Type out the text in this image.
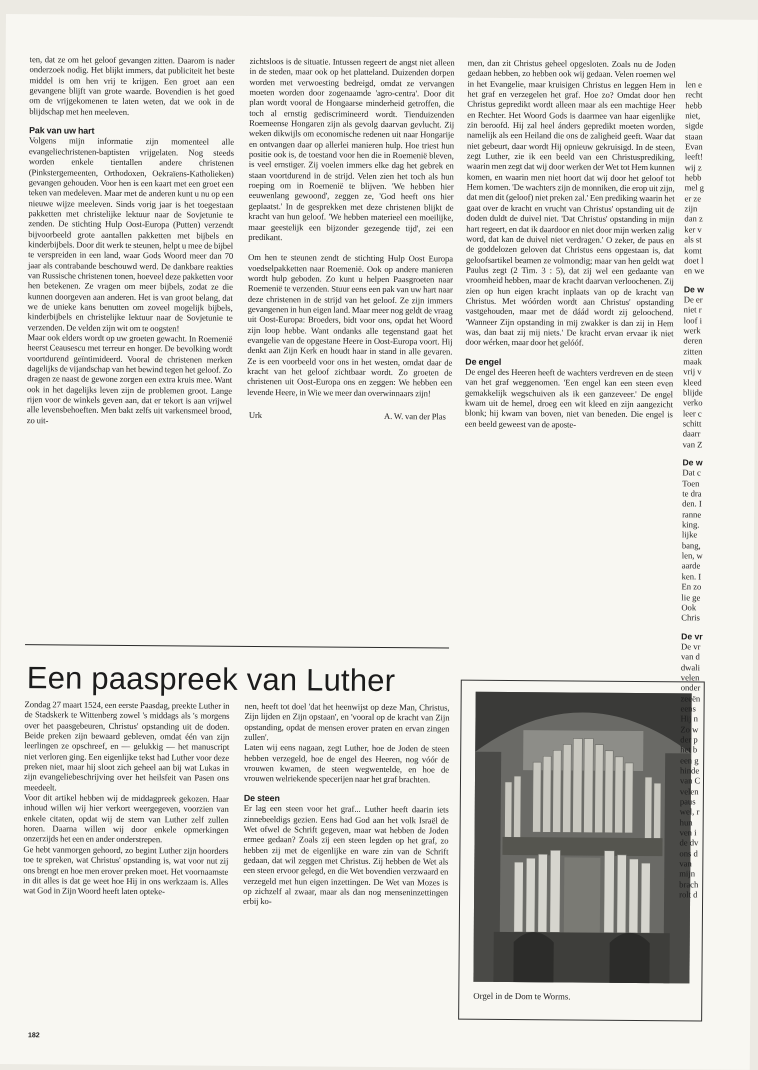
ten, dat ze om het geloof gevangen zitten. Daarom is nader onderzoek nodig. Het blijkt immers, dat publiciteit het beste middel is om hen vrij te krijgen. Een groet aan een gevangene blijft van grote waarde. Bovendien is het goed om de vrijgekomenen te laten weten, dat we ook in de blijdschap met hen meeleven.

Pak van uw hart

Volgens mijn informatie zijn momenteel alle evangeliechristenen-baptisten vrijgelaten. Nog steeds worden enkele tientallen andere christenen (Pinkstergemeenten, Orthodoxen, Oekraïens-Katholieken) gevangen gehouden. Voor hen is een kaart met een groet een teken van medeleven. Maar met de anderen kunt u nu op een nieuwe wijze meeleven. Sinds vorig jaar is het toegestaan pakketten met christelijke lektuur naar de Sovjetunie te zenden. De stichting Hulp Oost-Europa (Putten) verzendt bijvoorbeeld grote aantallen pakketten met bijbels en kinderbijbels. Door dit werk te steunen, helpt u mee de bijbel te verspreiden in een land, waar Gods Woord meer dan 70 jaar als contrabande beschouwd werd. De dankbare reakties van Russische christenen tonen, hoeveel deze pakketten voor hen betekenen. Ze vragen om meer bijbels, zodat ze die kunnen doorgeven aan anderen. Het is van groot belang, dat we de unieke kans benutten om zoveel mogelijk bijbels, kinderbijbels en christelijke lektuur naar de Sovjetunie te verzenden. De velden zijn wit om te oogsten!

Maar ook elders wordt op uw groeten gewacht. In Roemenië heerst Ceausescu met terreur en honger. De bevolking wordt voortdurend geïntimideerd. Vooral de christenen merken dagelijks de vijandschap van het bewind tegen het geloof. Zo dragen ze naast de gewone zorgen een extra kruis mee. Want ook in het dagelijks leven zijn de problemen groot. Lange rijen voor de winkels geven aan, dat er tekort is aan vrijwel alle levensbehoeften. Men bakt zelfs uit varkensmeel brood, zo uit-

zichtsloos is de situatie. Intussen regeert de angst niet alleen in de steden, maar ook op het platteland. Duizenden dorpen worden met verwoesting bedreigd, omdat ze vervangen moeten worden door zogenaamde 'agro-centra'. Door dit plan wordt vooral de Hongaarse minderheid getroffen, die toch al ernstig gediscrimineerd wordt. Tienduizenden Roemeense Hongaren zijn als gevolg daarvan gevlucht. Zij weken dikwijls om economische redenen uit naar Hongarije en ontvangen daar op allerlei manieren hulp. Hoe triest hun positie ook is, de toestand voor hen die in Roemenië bleven, is veel ernstiger. Zij voelen immers elke dag het gebrek en staan voortdurend in de strijd. Velen zien het toch als hun roeping om in Roemenië te blijven. 'We hebben hier eeuwenlang gewoond', zeggen ze, 'God heeft ons hier geplaatst.' In de gesprekken met deze christenen blijkt de kracht van hun geloof. 'We hebben materieel een moeilijke, maar geestelijk een bijzonder gezegende tijd', zei een predikant.

Om hen te steunen zendt de stichting Hulp Oost Europa voedselpakketten naar Roemenië. Ook op andere manieren wordt hulp geboden. Zo kunt u helpen Paasgroeten naar Roemenië te verzenden. Stuur eens een pak van uw hart naar deze christenen in de strijd van het geloof. Ze zijn immers gevangenen in hun eigen land. Maar meer nog geldt de vraag uit Oost-Europa: Broeders, bidt voor ons, opdat het Woord zijn loop hebbe. Want ondanks alle tegenstand gaat het evangelie van de opgestane Heere in Oost-Europa voort. Hij denkt aan Zijn Kerk en houdt haar in stand in alle gevaren. Ze is een voorbeeld voor ons in het westen, omdat daar de kracht van het geloof zichtbaar wordt. Zo groeten de christenen uit Oost-Europa ons en zeggen: We hebben een levende Heere, in Wie we meer dan overwinnaars zijn!

Urk	A. W. van der Plas

men, dan zit Christus geheel opgesloten. Zoals nu de Joden gedaan hebben, zo hebben ook wij gedaan. Velen roemen wel in het Evangelie, maar kruisigen Christus en leggen Hem in het graf en verzegelen het graf. Hoe zo? Omdat door hen Christus gepredikt wordt alleen maar als een machtige Heer en Rechter. Het Woord Gods is daarmee van haar eigenlijke zin beroofd. Hij zal heel ánders gepredikt moeten worden, namelijk als een Heiland die ons de zaligheid geeft. Waar dat niet gebeurt, daar wordt Hij opnieuw gekruisigd. In de steen, zegt Luther, zie ik een beeld van een Christusprediking, waarin men zegt dat wij door werken der Wet tot Hem kunnen komen, en waarin men niet hoort dat wij door het geloof tot Hem komen. 'De wachters zijn de monniken, die erop uit zijn, dat men dit (geloof) niet preken zal.' Een prediking waarin het gaat over de kracht en vrucht van Christus' opstanding uit de doden duldt de duivel niet. 'Dat Christus' opstanding in mijn hart regeert, en dat ik daardoor en niet door mijn werken zalig word, dat kan de duivel niet verdragen.' O zeker, de paus en de goddelozen geloven dat Christus eens opgestaan is, dat geloofsartikel beamen ze volmondig; maar van hen geldt wat Paulus zegt (2 Tim. 3 : 5), dat zij wel een gedaante van vroomheid hebben, maar de kracht daarvan verloochenen. Zij zien op hun eigen kracht inplaats van op de kracht van Christus. Met wóórden wordt aan Christus' opstanding vastgehouden, maar met de dáád wordt zij geloochend. 'Wanneer Zijn opstanding in mij zwakker is dan zij in Hem was, dan baat zij mij niets.' De kracht ervan ervaar ik niet door wérken, maar door het gelóóf.

De engel

De engel des Heeren heeft de wachters verdreven en de steen van het graf weggenomen. 'Een engel kan een steen even gemakkelijk wegschuiven als ik een ganzeveer.' De engel kwam uit de hemel, droeg een wit kleed en zijn aangezicht blonk; hij kwam van boven, niet van beneden. Die engel is een beeld geweest van de aposte-

Een paaspreek van Luther

Zondag 27 maart 1524, een eerste Paasdag, preekte Luther in de Stadskerk te Wittenberg zowel 's middags als 's morgens over het paasgebeuren, Christus' opstanding uit de doden. Beide preken zijn bewaard gebleven, omdat één van zijn leerlingen ze opschreef, en — gelukkig — het manuscript niet verloren ging. Een eigenlijke tekst had Luther voor deze preken niet, maar hij sloot zich geheel aan bij wat Lukas in zijn evangeliebeschrijving over het heilsfeit van Pasen ons meedeelt.

Voor dit artikel hebben wij de middagpreek gekozen. Haar inhoud willen wij hier verkort weergegeven, voorzien van enkele citaten, opdat wij de stem van Luther zelf zullen horen. Daarna willen wij door enkele opmerkingen onzerzijds het een en ander onderstrepen.

Ge hebt vanmorgen gehoord, zo begint Luther zijn hoorders toe te spreken, wat Christus' opstanding is, wat voor nut zij ons brengt en hoe men erover preken moet. Het voornaamste in dit alles is dat ge weet hoe Hij in ons werkzaam is. Alles wat God in Zijn Woord heeft laten opteke-

nen, heeft tot doel 'dat het heenwijst op deze Man, Christus, Zijn lijden en Zijn opstaan', en 'vooral op de kracht van Zijn opstanding, opdat de mensen erover praten en ervan zingen zullen'.

Laten wij eens nagaan, zegt Luther, hoe de Joden de steen hebben verzegeld, hoe de engel des Heeren, nog vóór de vrouwen kwamen, de steen wegwentelde, en hoe de vrouwen welriekende specerijen naar het graf brachten.

De steen

Er lag een steen voor het graf... Luther heeft daarin iets zinnebeeldigs gezien. Eens had God aan het volk Israël de Wet ofwel de Schrift gegeven, maar wat hebben de Joden ermee gedaan? Zoals zij een steen legden op het graf, zo hebben zij met de eigenlijke en ware zin van de Schrift gedaan, dat wil zeggen met Christus. Zij hebben de Wet als een steen ervoor gelegd, en die Wet bovendien verzwaard en verzegeld met hun eigen inzettingen. De Wet van Mozes is op zichzelf al zwaar, maar als dan nog menseninzettingen erbij ko-

Orgel in de Dom te Worms.
len e
recht
hebb
niet,
sigde
staan
Evan
leeft!
wij z
hebb
mel g
er ze
zijn
dan z
ker v
als st
komt
doet l
en we
De w
De er
niet r
loof i
werk
deren
zitten
maak
vrij v
kleed
blijde
verko
leer c
schitt
daarr
van Z
De w
Dat c
Toen
te dra
den. I
ranne
king.
lijke
bang,
len, w
aarde
ken. I
En zo
lie ge
Ook
Chris
De vr
De vr
van d
dwali
velen
onder
zeeën
eens
Hij n
Zo w
der p
het b
een g
hinde
van C
velen
paus
wel, r
hun
ven i
de dv
ons d
van
mijn
brach
rolt d
182
